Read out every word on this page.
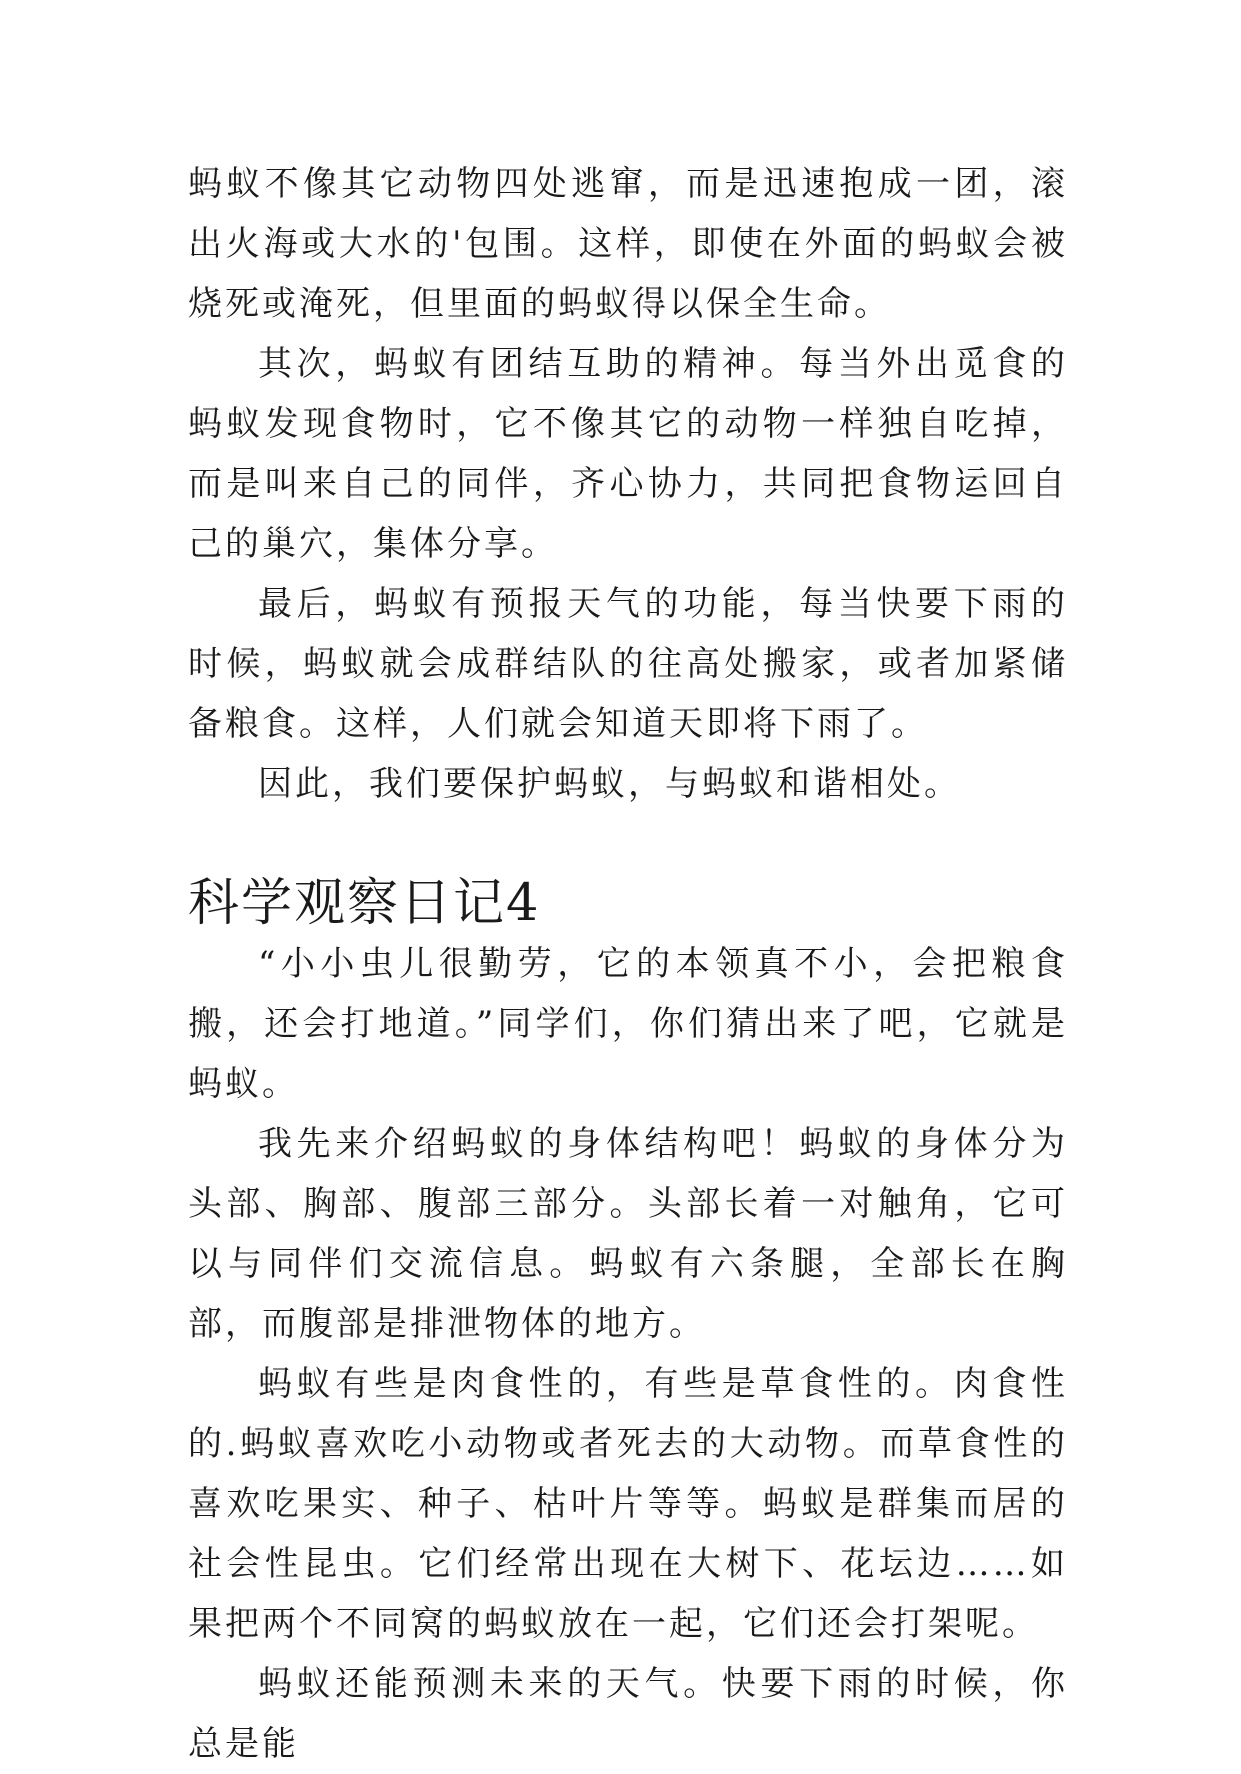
蚂蚁不像其它动物四处逃窜，而是迅速抱成一团，滚出火海或大水的'包围。这样，即使在外面的蚂蚁会被烧死或淹死，但里面的蚂蚁得以保全生命。

其次，蚂蚁有团结互助的精神。每当外出觅食的蚂蚁发现食物时，它不像其它的动物一样独自吃掉，而是叫来自己的同伴，齐心协力，共同把食物运回自己的巢穴，集体分享。

最后，蚂蚁有预报天气的功能，每当快要下雨的时候，蚂蚁就会成群结队的往高处搬家，或者加紧储备粮食。这样，人们就会知道天即将下雨了。

因此，我们要保护蚂蚁，与蚂蚁和谐相处。

科学观察日记4

“小小虫儿很勤劳，它的本领真不小，会把粮食搬，还会打地道。”同学们，你们猜出来了吧，它就是蚂蚁。

我先来介绍蚂蚁的身体结构吧！蚂蚁的身体分为头部、胸部、腹部三部分。头部长着一对触角，它可以与同伴们交流信息。蚂蚁有六条腿，全部长在胸部，而腹部是排泄物体的地方。

蚂蚁有些是肉食性的，有些是草食性的。肉食性的.蚂蚁喜欢吃小动物或者死去的大动物。而草食性的喜欢吃果实、种子、枯叶片等等。蚂蚁是群集而居的社会性昆虫。它们经常出现在大树下、花坛边……如果把两个不同窝的蚂蚁放在一起，它们还会打架呢。

蚂蚁还能预测未来的天气。快要下雨的时候，你总是能
